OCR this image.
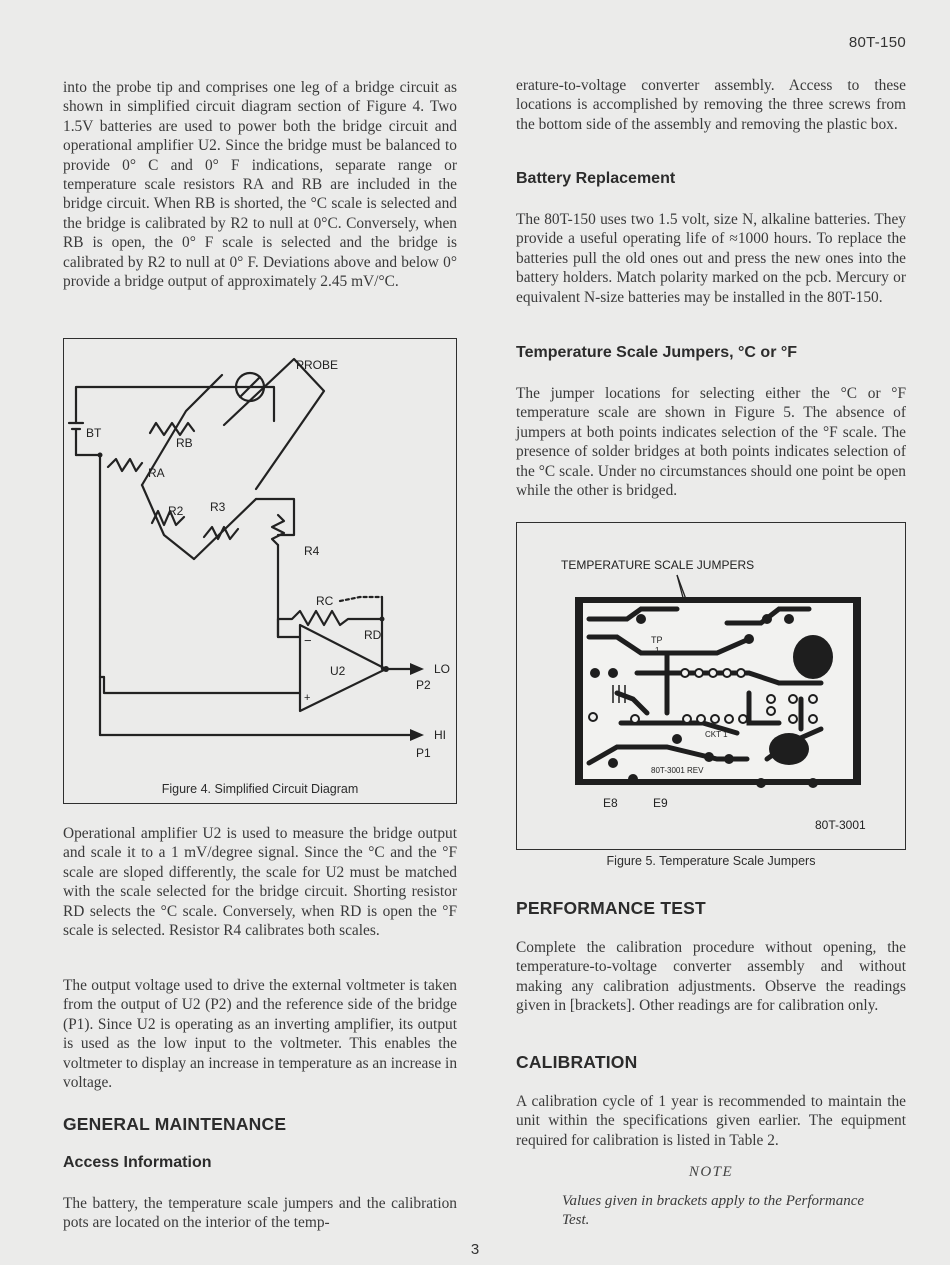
80T-150

into the probe tip and comprises one leg of a bridge circuit as shown in simplified circuit diagram section of Figure 4. Two 1.5V batteries are used to power both the bridge circuit and operational amplifier U2. Since the bridge must be balanced to provide 0° C and 0° F indications, separate range or temperature scale resistors RA and RB are included in the bridge circuit. When RB is shorted, the °C scale is selected and the bridge is calibrated by R2 to null at 0°C. Conversely, when RB is open, the 0° F scale is selected and the bridge is calibrated by R2 to null at 0° F. Deviations above and below 0° provide a bridge output of approximately 2.45 mV/°C.

PROBE
BT
RB
RA
R2 R3
R4
RC
RD
U2
−
+
LO
P2
HI
P1
Figure 4. Simplified Circuit Diagram

Operational amplifier U2 is used to measure the bridge output and scale it to a 1 mV/degree signal. Since the °C and the °F scale are sloped differently, the scale for U2 must be matched with the scale selected for the bridge circuit. Shorting resistor RD selects the °C scale. Conversely, when RD is open the °F scale is selected. Resistor R4 calibrates both scales.

The output voltage used to drive the external voltmeter is taken from the output of U2 (P2) and the reference side of the bridge (P1). Since U2 is operating as an inverting amplifier, its output is used as the low input to the voltmeter. This enables the voltmeter to display an increase in temperature as an increase in voltage.

GENERAL MAINTENANCE
Access Information

The battery, the temperature scale jumpers and the calibration pots are located on the interior of the temp-

erature-to-voltage converter assembly. Access to these locations is accomplished by removing the three screws from the bottom side of the assembly and removing the plastic box.

Battery Replacement

The 80T-150 uses two 1.5 volt, size N, alkaline batteries. They provide a useful operating life of ≈1000 hours. To replace the batteries pull the old ones out and press the new ones into the battery holders. Match polarity marked on the pcb. Mercury or equivalent N-size batteries may be installed in the 80T-150.

Temperature Scale Jumpers, °C or °F

The jumper locations for selecting either the °C or °F temperature scale are shown in Figure 5. The absence of jumpers at both points indicates selection of the °F scale. The presence of solder bridges at both points indicates selection of the °C scale. Under no circumstances should one point be open while the other is bridged.

TEMPERATURE SCALE JUMPERS
TP
1
CKT 1
80T-3001 REV
E8	E9
80T-3001
Figure 5. Temperature Scale Jumpers
PERFORMANCE TEST

Complete the calibration procedure without opening, the temperature-to-voltage converter assembly and without making any calibration adjustments. Observe the readings given in [brackets]. Other readings are for calibration only.

CALIBRATION

A calibration cycle of 1 year is recommended to maintain the unit within the specifications given earlier. The equipment required for calibration is listed in Table 2.

NOTE
Values given in brackets apply to the Performance Test.
3
